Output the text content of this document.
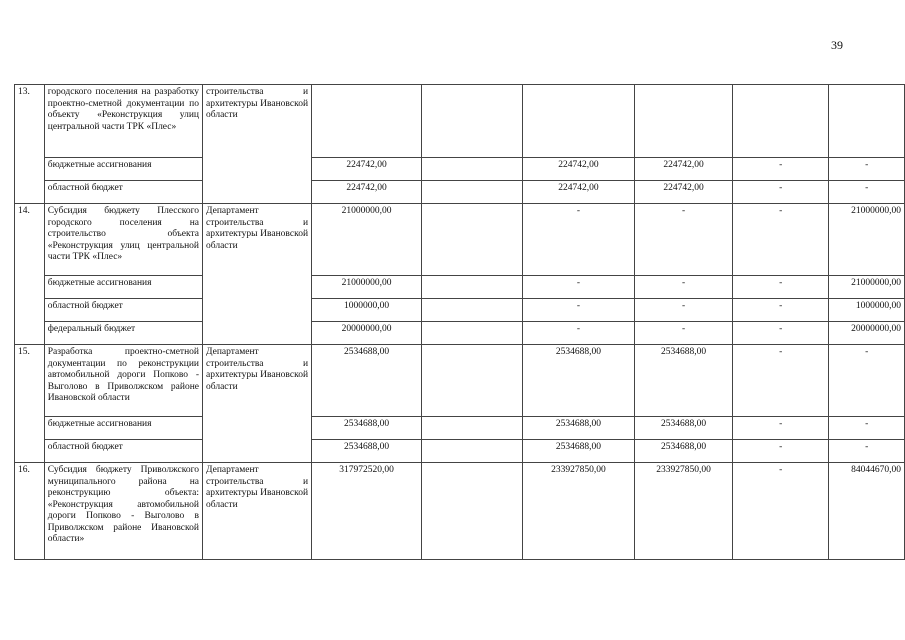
39
13.	городского поселения на разработку проектно-сметной документации по объекту «Реконструкция улиц центральной части ТРК «Плес»	строительства и архитектуры Ивановской области						
	бюджетные ассигнования		224742,00		224742,00	224742,00	-	-
	областной бюджет		224742,00		224742,00	224742,00	-	-
14.	Субсидия бюджету Плесского городского поселения на строительство объекта «Реконструкция улиц центральной части ТРК «Плес»	Департамент строительства и архитектуры Ивановской области	21000000,00		-	-	-	21000000,00
	бюджетные ассигнования		21000000,00		-	-	-	21000000,00
	областной бюджет		1000000,00		-	-	-	1000000,00
	федеральный бюджет		20000000,00		-	-	-	20000000,00
15.	Разработка проектно-сметной документации по реконструкции автомобильной дороги Попково - Выголово в Приволжском районе Ивановской области	Департамент строительства и архитектуры Ивановской области	2534688,00		2534688,00	2534688,00	-	-
	бюджетные ассигнования		2534688,00		2534688,00	2534688,00	-	-
	областной бюджет		2534688,00		2534688,00	2534688,00	-	-
16.	Субсидия бюджету Приволжского муниципального района на реконструкцию объекта: «Реконструкция автомобильной дороги Попково - Выголово в Приволжском районе Ивановской области»	Департамент строительства и архитектуры Ивановской области	317972520,00		233927850,00	233927850,00	-	84044670,00
